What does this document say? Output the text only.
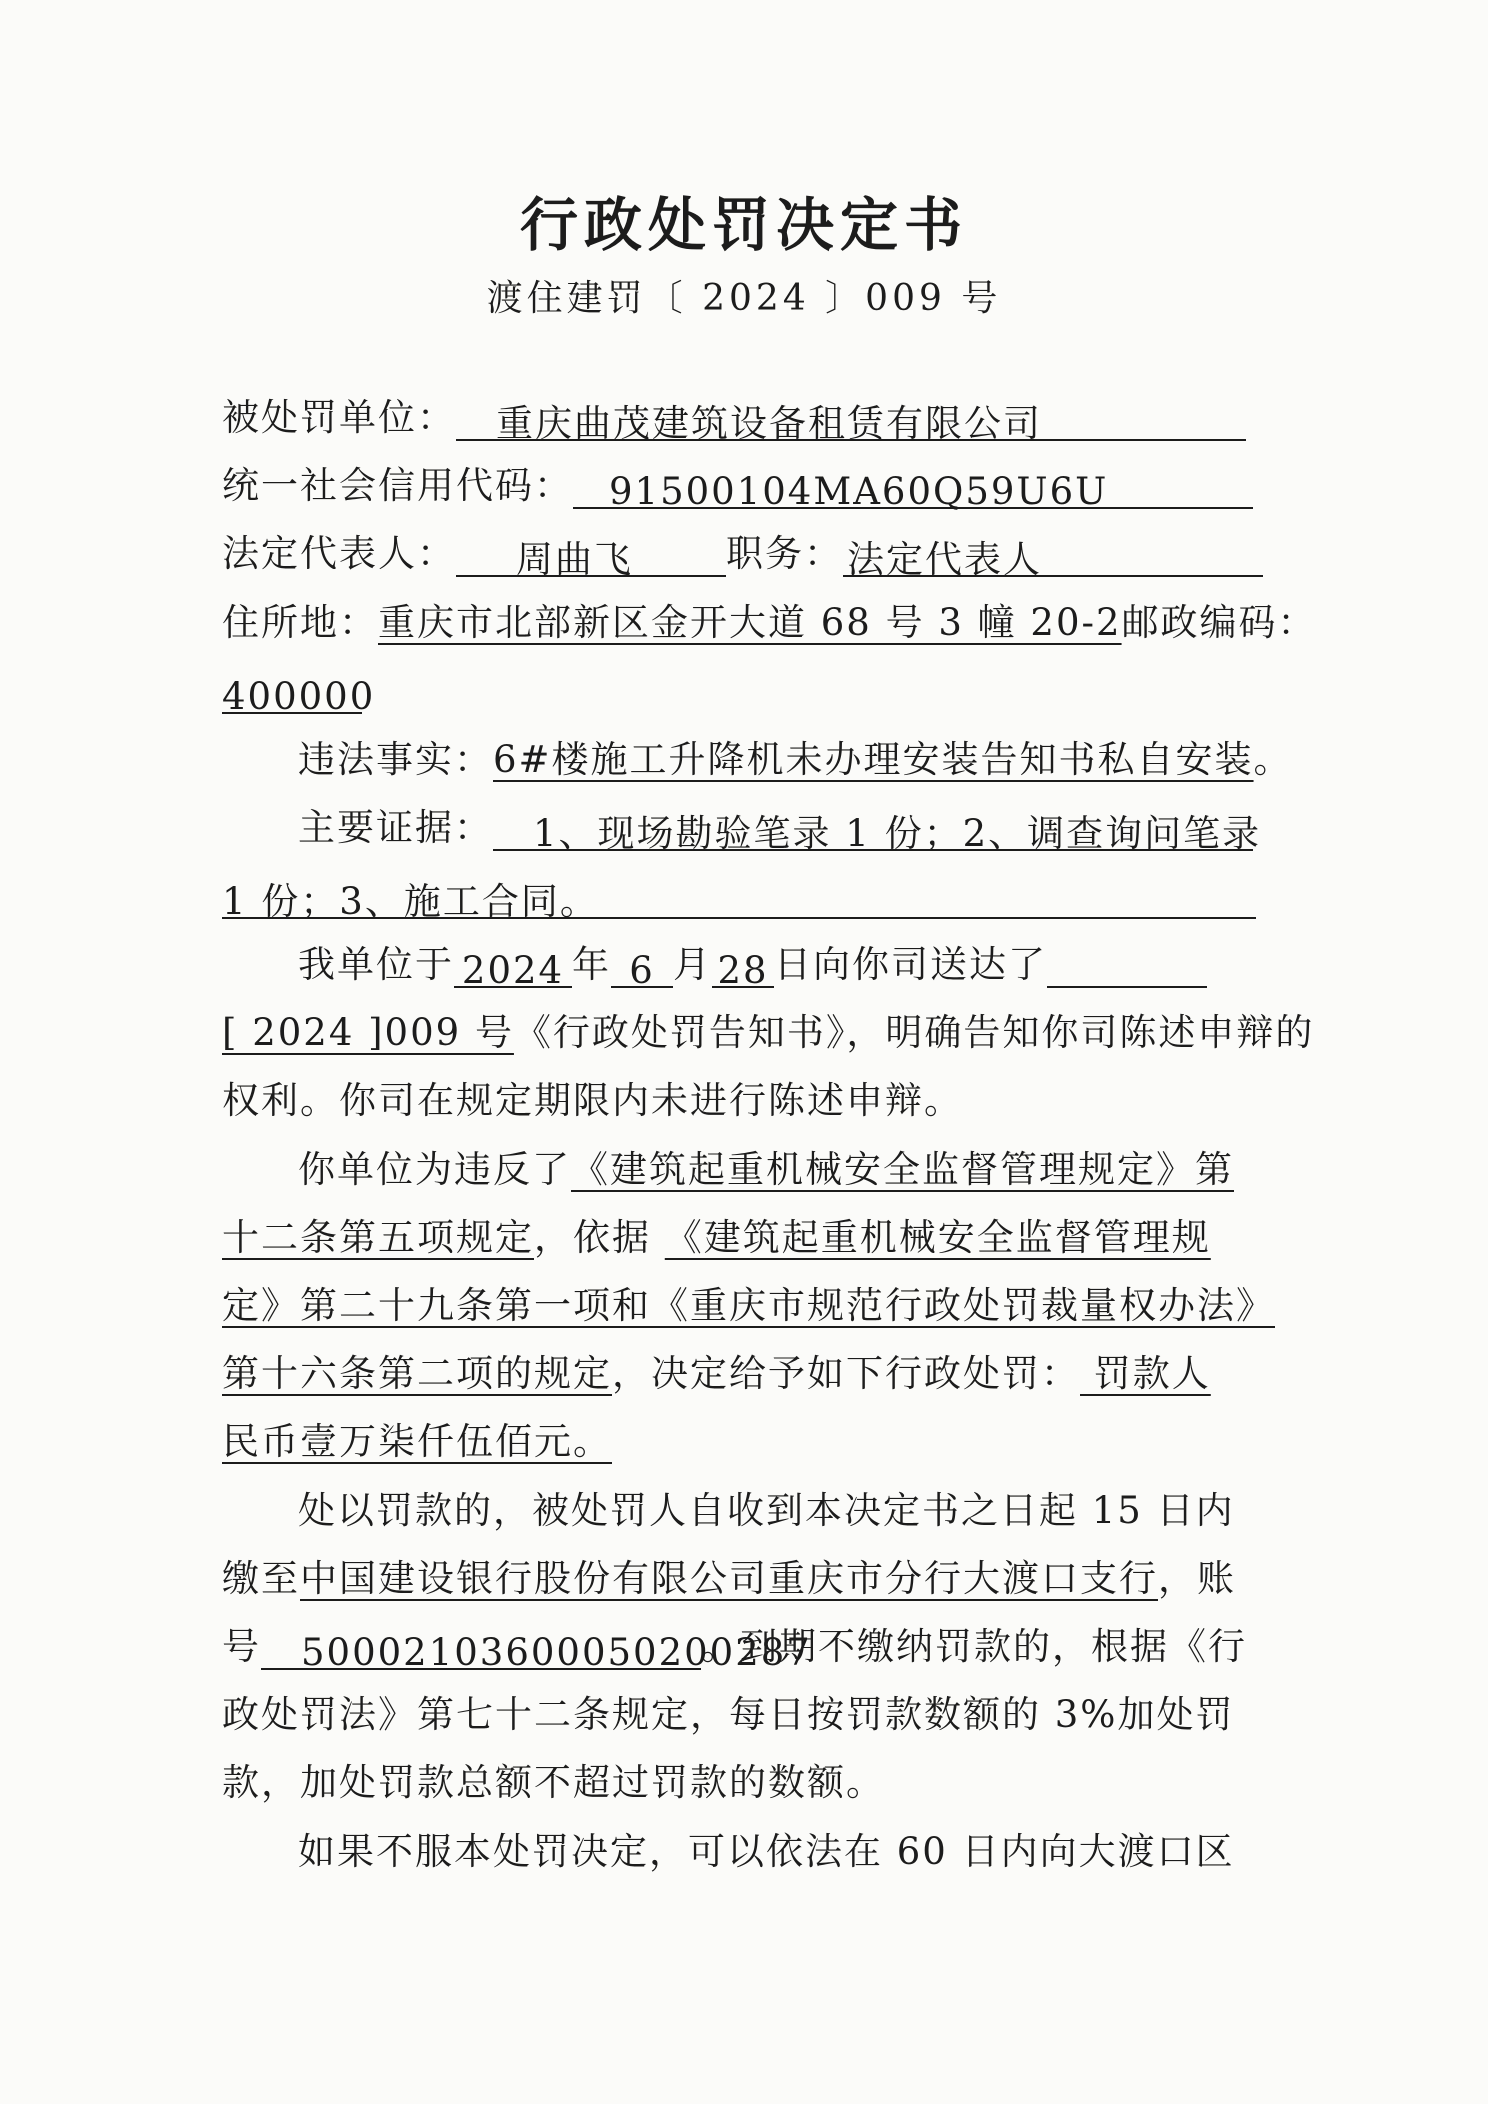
行政处罚决定书
渡住建罚〔 2024 〕009 号
被处罚单位： 重庆曲茂建筑设备租赁有限公司
统一社会信用代码： 91500104MA60Q59U6U
法定代表人： 周曲飞	职务： 法定代表人
住所地：重庆市北部新区金开大道 68 号 3 幢 20-2邮政编码：
400000
违法事实：6#楼施工升降机未办理安装告知书私自安装。
主要证据： 1、现场勘验笔录 1 份；2、调查询问笔录
1 份；3、施工合同。
我单位于 2024 年 6 月 28 日向你司送达了
[ 2024 ]009 号《行政处罚告知书》，明确告知你司陈述申辩的
权利。你司在规定期限内未进行陈述申辩。
你单位为违反了《建筑起重机械安全监督管理规定》第
十二条第五项规定，依据 《建筑起重机械安全监督管理规
定》第二十九条第一项和《重庆市规范行政处罚裁量权办法》
第十六条第二项的规定，决定给予如下行政处罚： 罚款人
民币壹万柒仟伍佰元。
处以罚款的，被处罚人自收到本决定书之日起 15 日内
缴至中国建设银行股份有限公司重庆市分行大渡口支行，账
号 50002103600050200287。到期不缴纳罚款的，根据《行
政处罚法》第七十二条规定，每日按罚款数额的 3%加处罚
款，加处罚款总额不超过罚款的数额。
如果不服本处罚决定，可以依法在 60 日内向大渡口区
